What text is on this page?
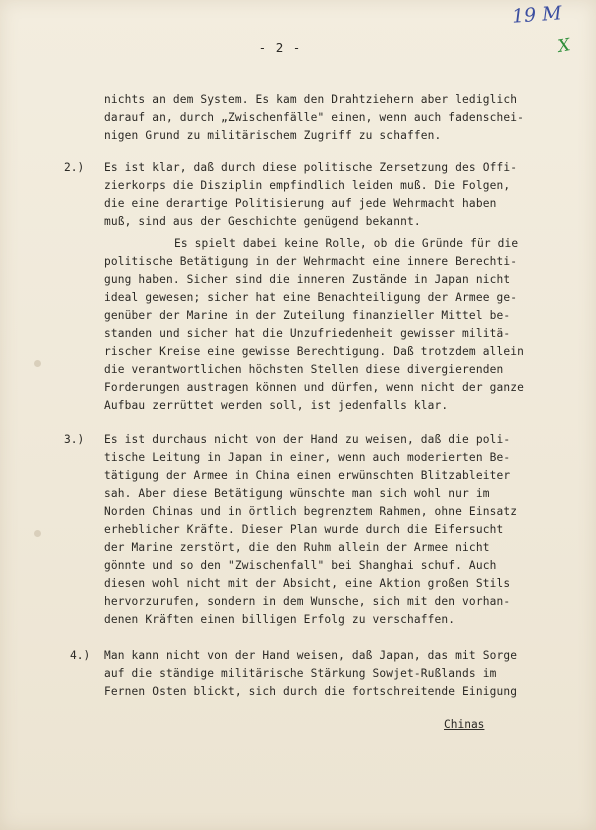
19 M
X
- 2 -
nichts an dem System. Es kam den Drahtziehern aber lediglich
darauf an, durch „Zwischenfälle" einen, wenn auch fadenschei-
nigen Grund zu militärischem Zugriff zu schaffen.
2.) Es ist klar, daß durch diese politische Zersetzung des Offi-
zierkorps die Disziplin empfindlich leiden muß. Die Folgen,
die eine derartige Politisierung auf jede Wehrmacht haben
muß, sind aus der Geschichte genügend bekannt.
Es spielt dabei keine Rolle, ob die Gründe für die
politische Betätigung in der Wehrmacht eine innere Berechti-
gung haben. Sicher sind die inneren Zustände in Japan nicht
ideal gewesen; sicher hat eine Benachteiligung der Armee ge-
genüber der Marine in der Zuteilung finanzieller Mittel be-
standen und sicher hat die Unzufriedenheit gewisser militä-
rischer Kreise eine gewisse Berechtigung. Daß trotzdem allein
die verantwortlichen höchsten Stellen diese divergierenden
Forderungen austragen können und dürfen, wenn nicht der ganze
Aufbau zerrüttet werden soll, ist jedenfalls klar.
3.) Es ist durchaus nicht von der Hand zu weisen, daß die poli-
tische Leitung in Japan in einer, wenn auch moderierten Be-
tätigung der Armee in China einen erwünschten Blitzableiter
sah. Aber diese Betätigung wünschte man sich wohl nur im
Norden Chinas und in örtlich begrenztem Rahmen, ohne Einsatz
erheblicher Kräfte. Dieser Plan wurde durch die Eifersucht
der Marine zerstört, die den Ruhm allein der Armee nicht
gönnte und so den "Zwischenfall" bei Shanghai schuf. Auch
diesen wohl nicht mit der Absicht, eine Aktion großen Stils
hervorzurufen, sondern in dem Wunsche, sich mit den vorhan-
denen Kräften einen billigen Erfolg zu verschaffen.
4.) Man kann nicht von der Hand weisen, daß Japan, das mit Sorge
auf die ständige militärische Stärkung Sowjet-Rußlands im
Fernen Osten blickt, sich durch die fortschreitende Einigung
Chinas
